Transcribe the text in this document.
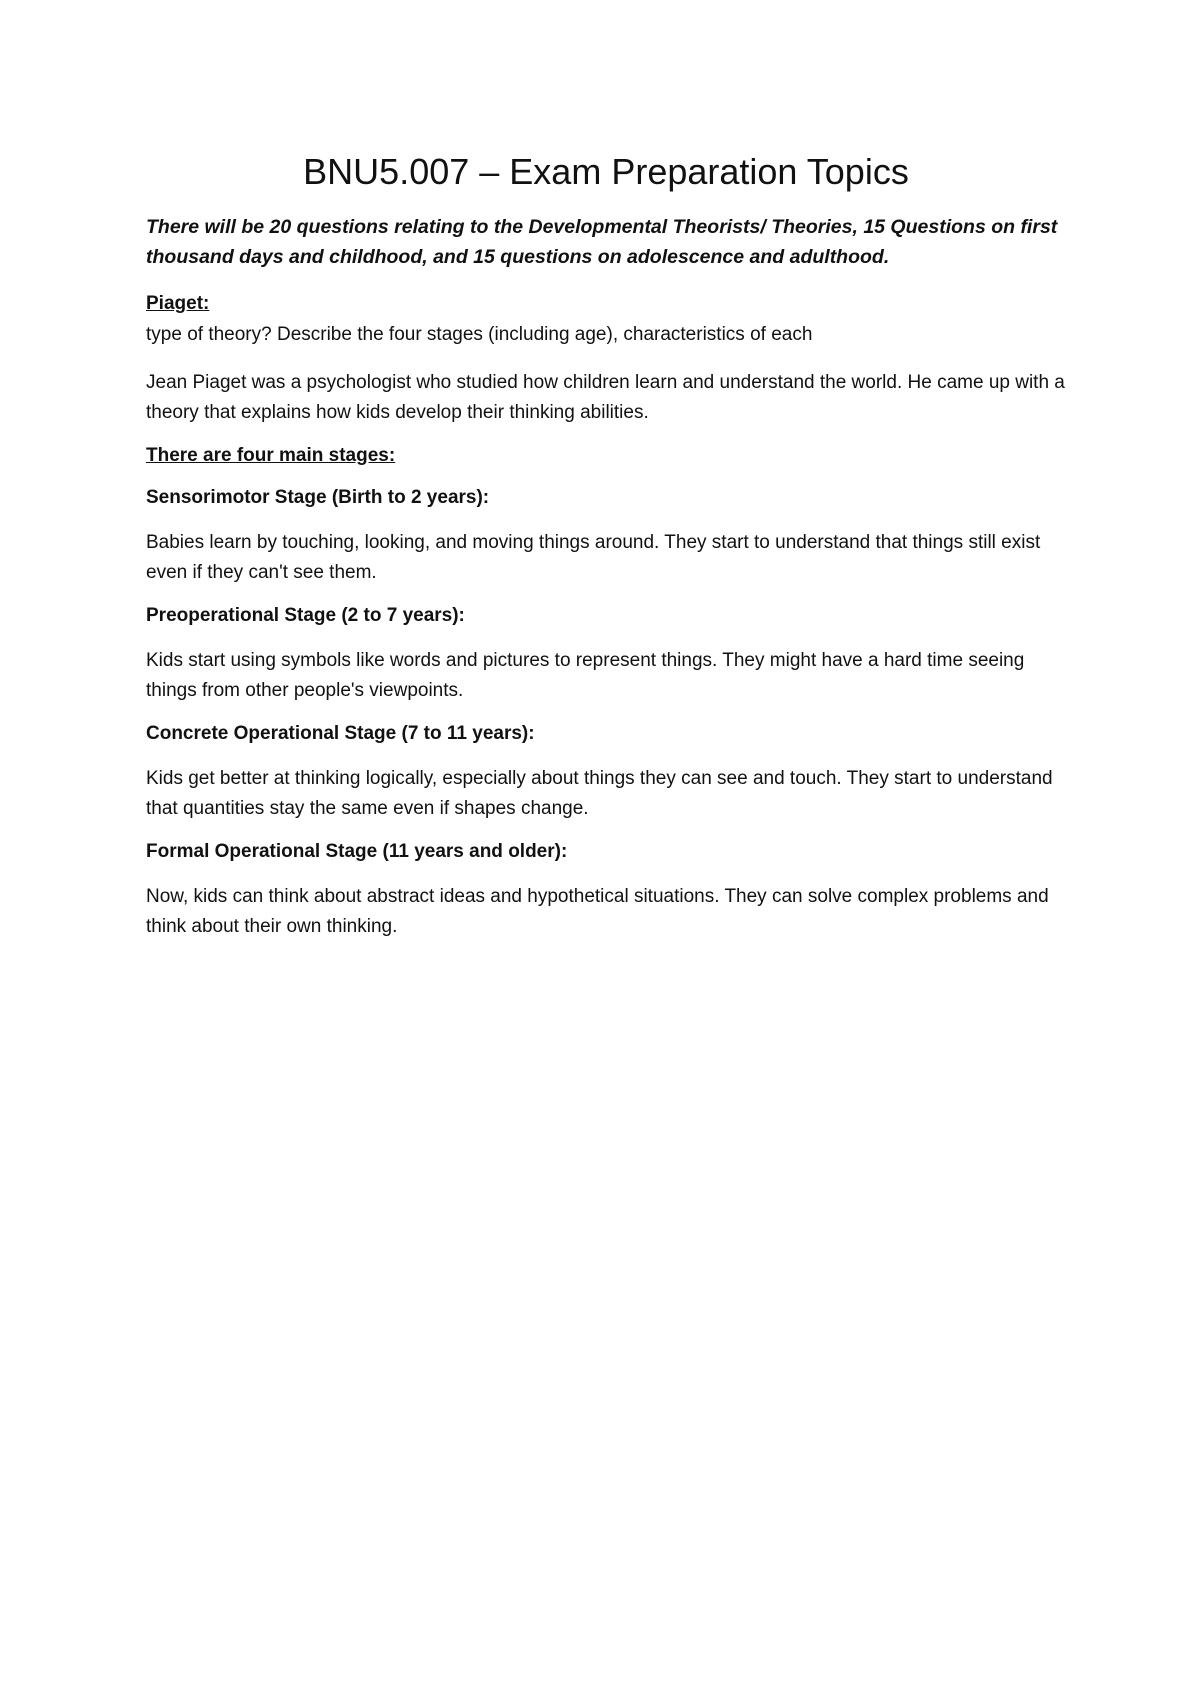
BNU5.007 – Exam Preparation Topics

There will be 20 questions relating to the Developmental Theorists/ Theories, 15 Questions on first thousand days and childhood, and 15 questions on adolescence and adulthood.

Piaget:

type of theory? Describe the four stages (including age), characteristics of each

Jean Piaget was a psychologist who studied how children learn and understand the world. He came up with a theory that explains how kids develop their thinking abilities.

There are four main stages:

Sensorimotor Stage (Birth to 2 years):

Babies learn by touching, looking, and moving things around. They start to understand that things still exist even if they can't see them.

Preoperational Stage (2 to 7 years):

Kids start using symbols like words and pictures to represent things. They might have a hard time seeing things from other people's viewpoints.

Concrete Operational Stage (7 to 11 years):

Kids get better at thinking logically, especially about things they can see and touch. They start to understand that quantities stay the same even if shapes change.

Formal Operational Stage (11 years and older):

Now, kids can think about abstract ideas and hypothetical situations. They can solve complex problems and think about their own thinking.
